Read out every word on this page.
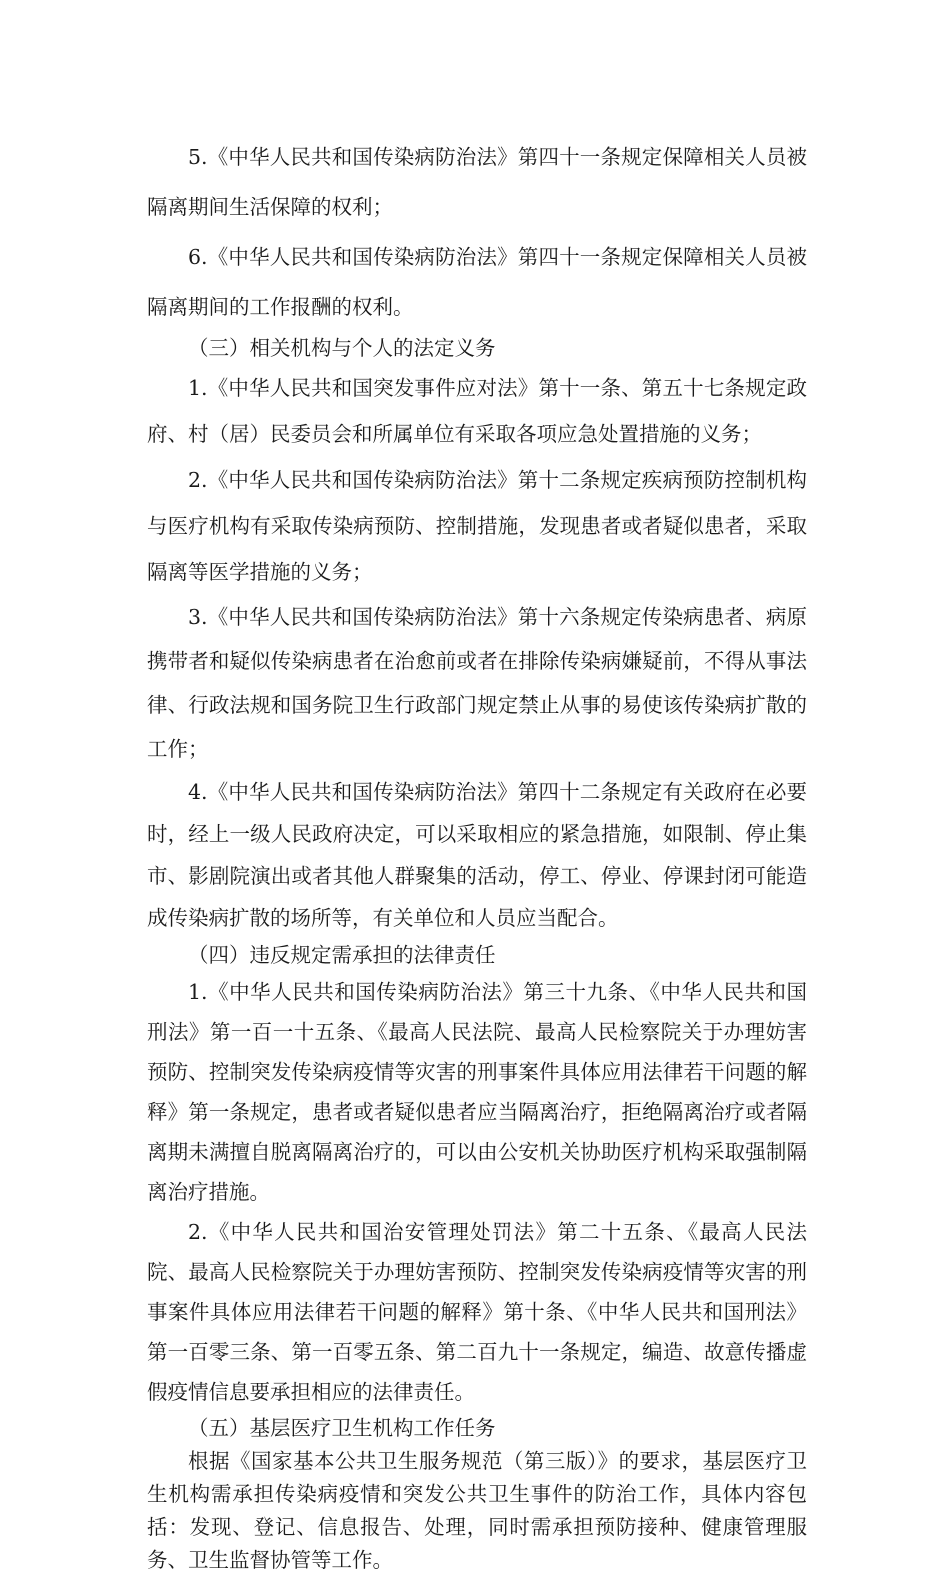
5.《中华人民共和国传染病防治法》第四十一条规定保障相关人员被隔离期间生活保障的权利；
6.《中华人民共和国传染病防治法》第四十一条规定保障相关人员被隔离期间的工作报酬的权利。
（三）相关机构与个人的法定义务
1.《中华人民共和国突发事件应对法》第十一条、第五十七条规定政府、村（居）民委员会和所属单位有采取各项应急处置措施的义务；
2.《中华人民共和国传染病防治法》第十二条规定疾病预防控制机构与医疗机构有采取传染病预防、控制措施，发现患者或者疑似患者，采取隔离等医学措施的义务；
3.《中华人民共和国传染病防治法》第十六条规定传染病患者、病原携带者和疑似传染病患者在治愈前或者在排除传染病嫌疑前，不得从事法律、行政法规和国务院卫生行政部门规定禁止从事的易使该传染病扩散的工作；
4.《中华人民共和国传染病防治法》第四十二条规定有关政府在必要时，经上一级人民政府决定，可以采取相应的紧急措施，如限制、停止集市、影剧院演出或者其他人群聚集的活动，停工、停业、停课封闭可能造成传染病扩散的场所等，有关单位和人员应当配合。
（四）违反规定需承担的法律责任
1.《中华人民共和国传染病防治法》第三十九条、《中华人民共和国刑法》第一百一十五条、《最高人民法院、最高人民检察院关于办理妨害预防、控制突发传染病疫情等灾害的刑事案件具体应用法律若干问题的解释》第一条规定，患者或者疑似患者应当隔离治疗，拒绝隔离治疗或者隔离期未满擅自脱离隔离治疗的，可以由公安机关协助医疗机构采取强制隔离治疗措施。
2.《中华人民共和国治安管理处罚法》第二十五条、《最高人民法院、最高人民检察院关于办理妨害预防、控制突发传染病疫情等灾害的刑事案件具体应用法律若干问题的解释》第十条、《中华人民共和国刑法》第一百零三条、第一百零五条、第二百九十一条规定，编造、故意传播虚假疫情信息要承担相应的法律责任。
（五）基层医疗卫生机构工作任务
根据《国家基本公共卫生服务规范（第三版）》的要求，基层医疗卫生机构需承担传染病疫情和突发公共卫生事件的防治工作，具体内容包括：发现、登记、信息报告、处理，同时需承担预防接种、健康管理服务、卫生监督协管等工作。
